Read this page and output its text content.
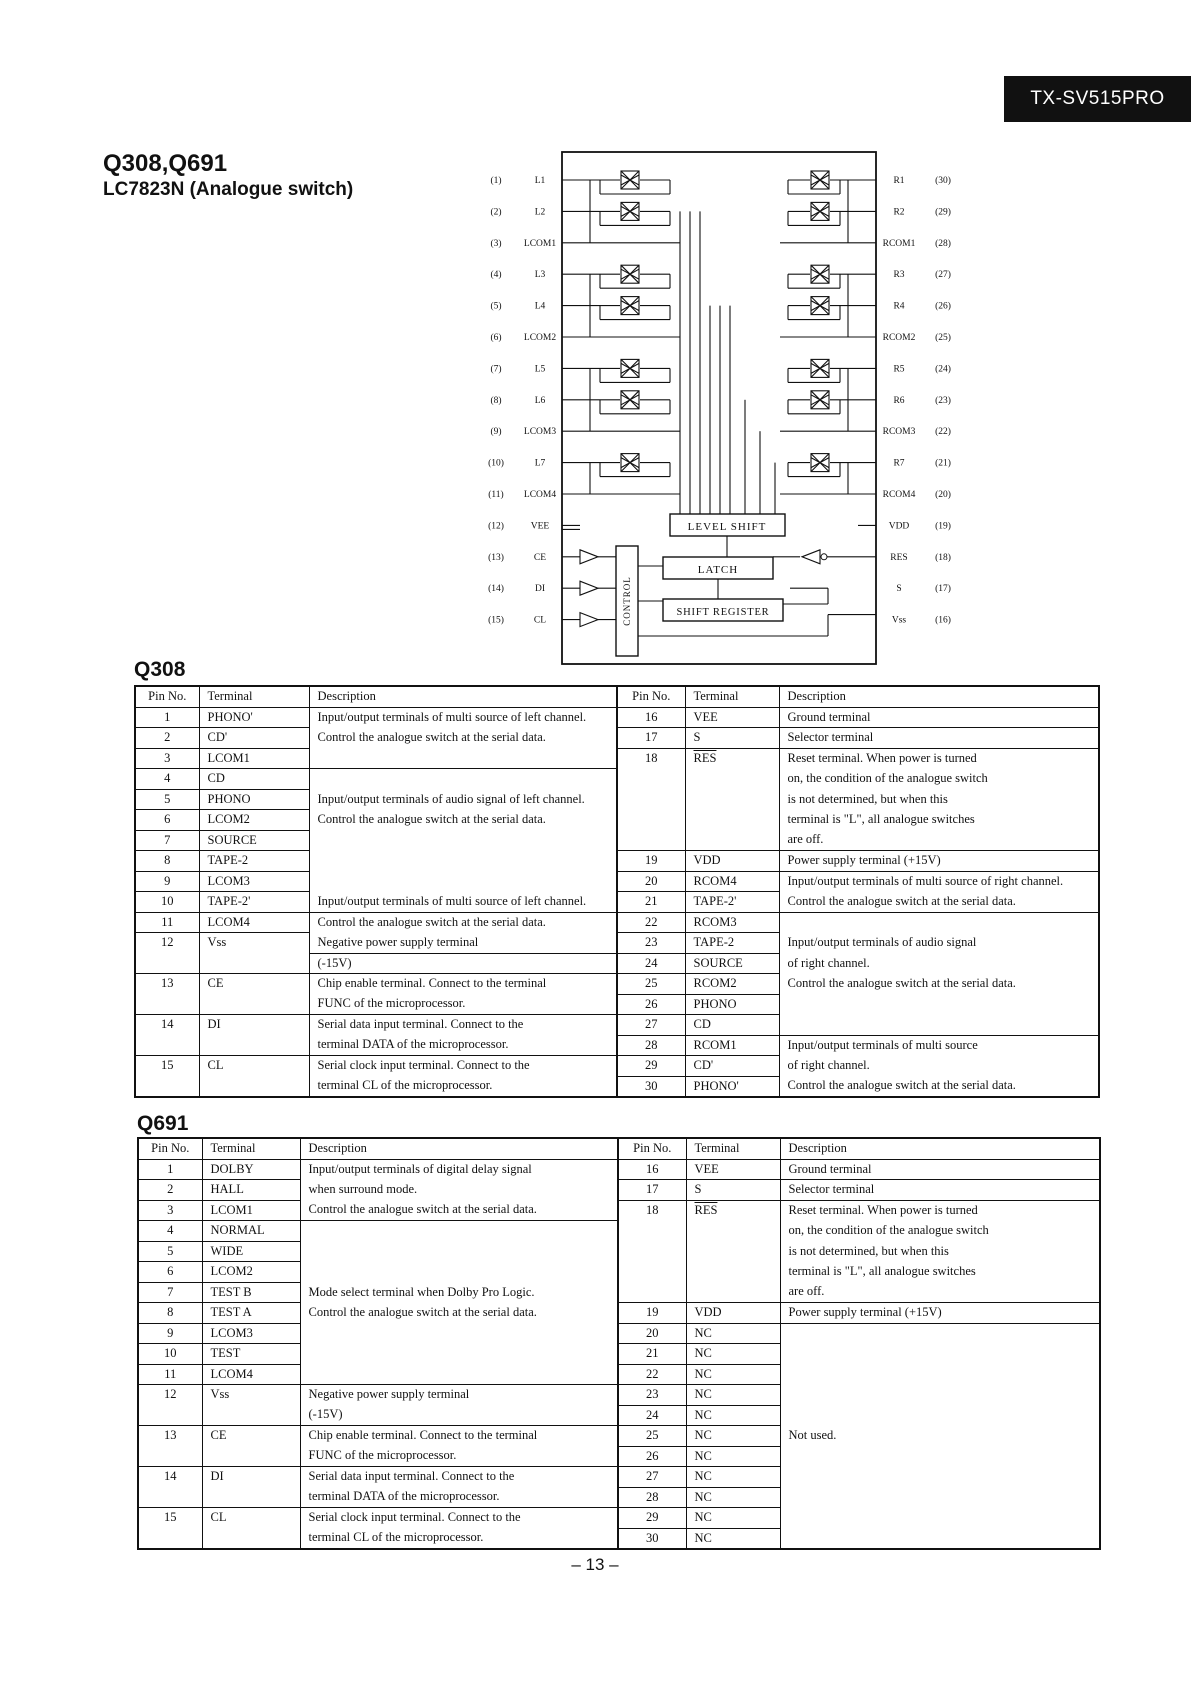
TX-SV515PRO
Q308,Q691
LC7823N (Analogue switch)	(1)	L1
(2)	L2
(3) LCOM1
(4)	L3
(5)	L4
(6) LCOM2
(7)	L5
(8)	L6
(9) LCOM3
(10)	L7
(11) LCOM4
(12)	VEE
(13)	CE
(14)	DI
(15)	CL
R1	(30)
R2	(29)
RCOM1 (28)
R3	(27)
R4	(26)
RCOM2 (25)
R5	(24)
R6	(23)
RCOM3 (22)
R7	(21)
RCOM4 (20)
VDD	(19)
RES	(18)
S	(17)
Vss	(16)
LEVEL SHIFT
LATCH
SHIFT REGISTER
CONTROL
Q308
Pin No.	Terminal	Description	Pin No.	Terminal	Description
1	PHONO'	Input/output terminals of multi source of left channel.	16	VEE	Ground terminal
2	CD'	Control the analogue switch at the serial data.	17	S	Selector terminal
3	LCOM1		18	$\overline{RES}$	Reset terminal. When power is turned
4	CD				on, the condition of the analogue switch
5	PHONO	Input/output terminals of audio signal of left channel.			is not determined, but when this
6	LCOM2	Control the analogue switch at the serial data.			terminal is "L", all analogue switches
7	SOURCE				are off.
8	TAPE-2		19	VDD	Power supply terminal (+15V)
9	LCOM3		20	RCOM4	Input/output terminals of multi source of right channel.
10	TAPE-2'	Input/output terminals of multi source of left channel.	21	TAPE-2'	Control the analogue switch at the serial data.
11	LCOM4	Control the analogue switch at the serial data.	22	RCOM3	
12	Vss	Negative power supply terminal	23	TAPE-2	Input/output terminals of audio signal
		(-15V)	24	SOURCE	of right channel.
13	CE	Chip enable terminal. Connect to the terminal	25	RCOM2	Control the analogue switch at the serial data.
		FUNC of the microprocessor.	26	PHONO	
14	DI	Serial data input terminal. Connect to the	27	CD	
		terminal DATA of the microprocessor.	28	RCOM1	Input/output terminals of multi source
15	CL	Serial clock input terminal. Connect to the	29	CD'	of right channel.
		terminal CL of the microprocessor.	30	PHONO'	Control the analogue switch at the serial data.
Q691
Pin No.	Terminal	Description	Pin No.	Terminal	Description
1	DOLBY	Input/output terminals of digital delay signal	16	VEE	Ground terminal
2	HALL	when surround mode.	17	S	Selector terminal
3	LCOM1	Control the analogue switch at the serial data.	18	$\overline{RES}$	Reset terminal. When power is turned
4	NORMAL				on, the condition of the analogue switch
5	WIDE				is not determined, but when this
6	LCOM2				terminal is "L", all analogue switches
7	TEST B	Mode select terminal when Dolby Pro Logic.			are off.
8	TEST A	Control the analogue switch at the serial data.	19	VDD	Power supply terminal (+15V)
9	LCOM3		20	NC	
10	TEST		21	NC	
11	LCOM4		22	NC	
12	Vss	Negative power supply terminal	23	NC	
		(-15V)	24	NC	
13	CE	Chip enable terminal. Connect to the terminal	25	NC	Not used.
		FUNC of the microprocessor.	26	NC	
14	DI	Serial data input terminal. Connect to the	27	NC	
		terminal DATA of the microprocessor.	28	NC	
15	CL	Serial clock input terminal. Connect to the	29	NC	
		terminal CL of the microprocessor.	30	NC	
– 13 –
